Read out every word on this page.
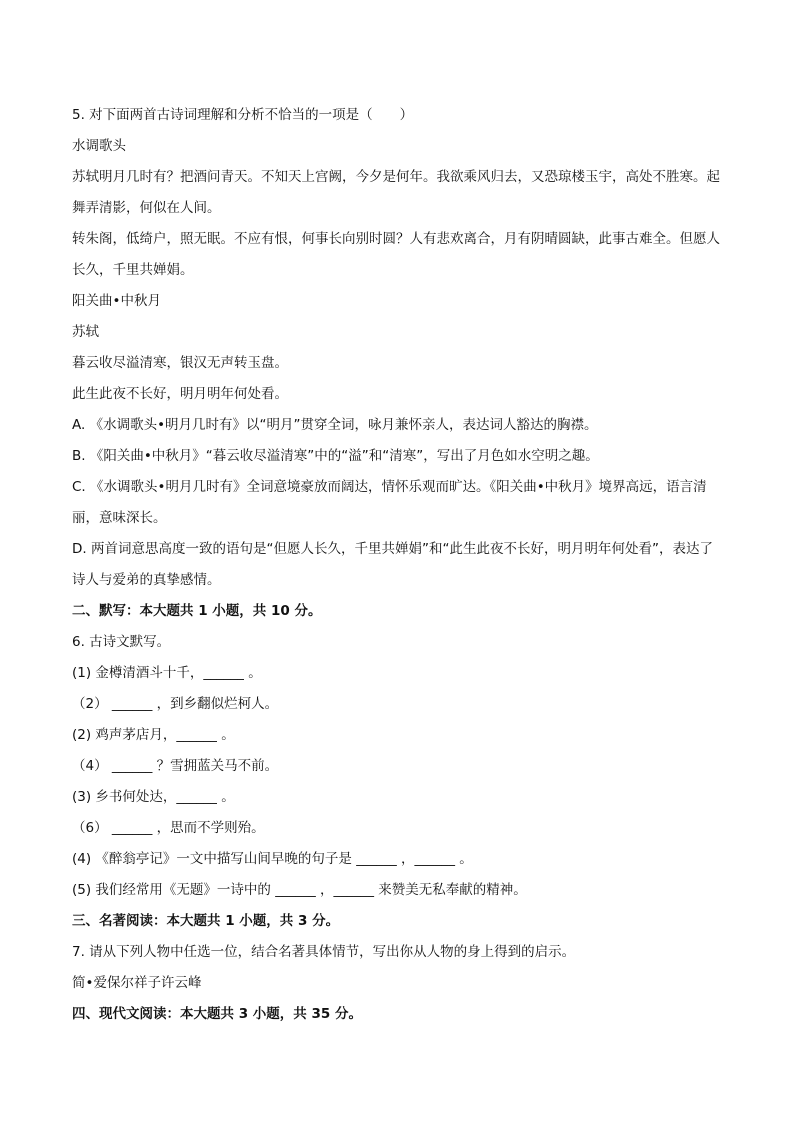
5. 对下面两首古诗词理解和分析不恰当的一项是（　　）
水调歌头
苏轼明月几时有？把酒问青天。不知天上宫阙，今夕是何年。我欲乘风归去，又恐琼楼玉宇，高处不胜寒。起舞弄清影，何似在人间。
转朱阁，低绮户，照无眠。不应有恨，何事长向别时圆？人有悲欢离合，月有阴晴圆缺，此事古难全。但愿人长久，千里共婵娟。
阳关曲•中秋月
苏轼
暮云收尽溢清寒，银汉无声转玉盘。
此生此夜不长好，明月明年何处看。
A. 《水调歌头•明月几时有》以“明月”贯穿全词，咏月兼怀亲人，表达词人豁达的胸襟。
B. 《阳关曲•中秋月》“暮云收尽溢清寒”中的“溢”和“清寒”，写出了月色如水空明之趣。
C. 《水调歌头•明月几时有》全词意境豪放而阔达，情怀乐观而旷达。《阳关曲•中秋月》境界高远，语言清丽，意味深长。
D. 两首词意思高度一致的语句是“但愿人长久，千里共婵娟”和“此生此夜不长好，明月明年何处看”，表达了诗人与爱弟的真挚感情。
二、默写：本大题共 1 小题，共 10 分。
6. 古诗文默写。
(1) 金樽清酒斗十千，______ 。
（2） ______ ，到乡翻似烂柯人。
(2) 鸡声茅店月，______ 。
（4） ______ ？雪拥蓝关马不前。
(3) 乡书何处达，______ 。
（6） ______ ，思而不学则殆。
(4) 《醉翁亭记》一文中描写山间早晚的句子是 ______ ，______ 。
(5) 我们经常用《无题》一诗中的 ______ ，______ 来赞美无私奉献的精神。
三、名著阅读：本大题共 1 小题，共 3 分。
7. 请从下列人物中任选一位，结合名著具体情节，写出你从人物的身上得到的启示。
简•爱保尔祥子许云峰
四、现代文阅读：本大题共 3 小题，共 35 分。
